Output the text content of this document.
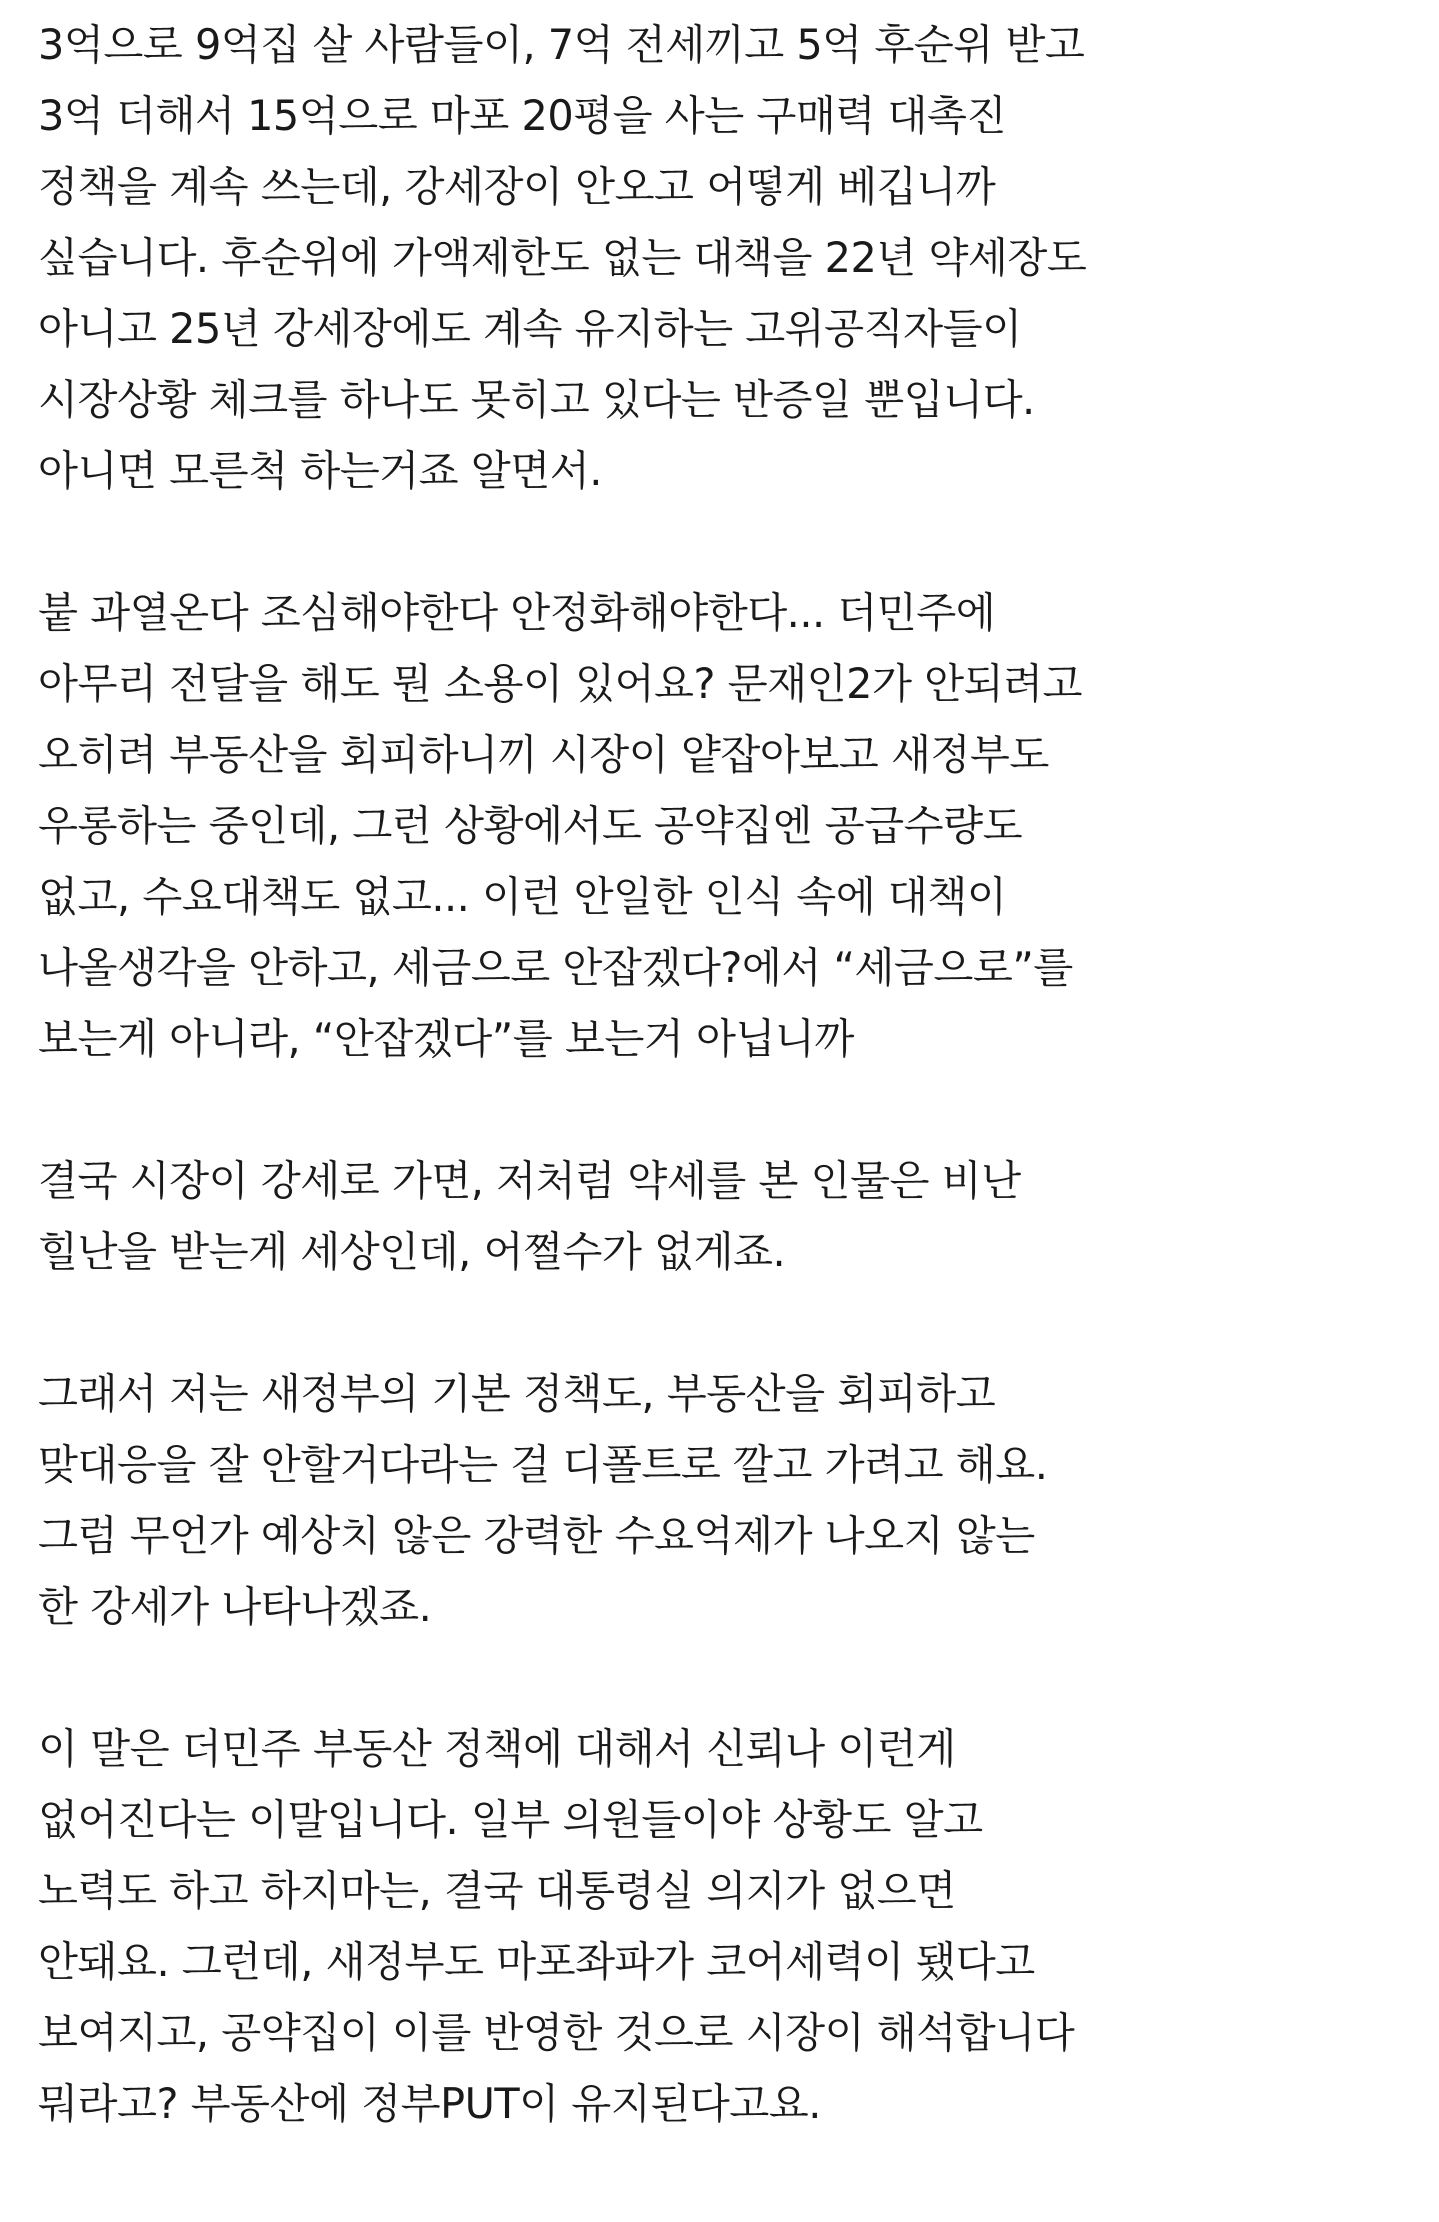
3억으로 9억집 살 사람들이, 7억 전세끼고 5억 후순위 받고
3억 더해서 15억으로 마포 20평을 사는 구매력 대촉진
정책을 계속 쓰는데, 강세장이 안오고 어떻게 베깁니까
싶습니다. 후순위에 가액제한도 없는 대책을 22년 약세장도
아니고 25년 강세장에도 계속 유지하는 고위공직자들이
시장상황 체크를 하나도 못히고 있다는 반증일 뿐입니다.
아니면 모른척 하는거죠 알면서.
붙 과열온다 조심해야한다 안정화해야한다... 더민주에
아무리 전달을 해도 뭔 소용이 있어요? 문재인2가 안되려고
오히려 부동산을 회피하니끼 시장이 얕잡아보고 새정부도
우롱하는 중인데, 그런 상황에서도 공약집엔 공급수량도
없고, 수요대책도 없고... 이런 안일한 인식 속에 대책이
나올생각을 안하고, 세금으로 안잡겠다?에서 “세금으로”를
보는게 아니라, “안잡겠다”를 보는거 아닙니까
결국 시장이 강세로 가면, 저처럼 약세를 본 인물은 비난
힐난을 받는게 세상인데, 어쩔수가 없게죠.
그래서 저는 새정부의 기본 정책도, 부동산을 회피하고
맞대응을 잘 안할거다라는 걸 디폴트로 깔고 가려고 해요.
그럼 무언가 예상치 않은 강력한 수요억제가 나오지 않는
한 강세가 나타나겠죠.
이 말은 더민주 부동산 정책에 대해서 신뢰나 이런게
없어진다는 이말입니다. 일부 의원들이야 상황도 알고
노력도 하고 하지마는, 결국 대통령실 의지가 없으면
안돼요. 그런데, 새정부도 마포좌파가 코어세력이 됐다고
보여지고, 공약집이 이를 반영한 것으로 시장이 해석합니다
뭐라고? 부동산에 정부PUT이 유지된다고요.
